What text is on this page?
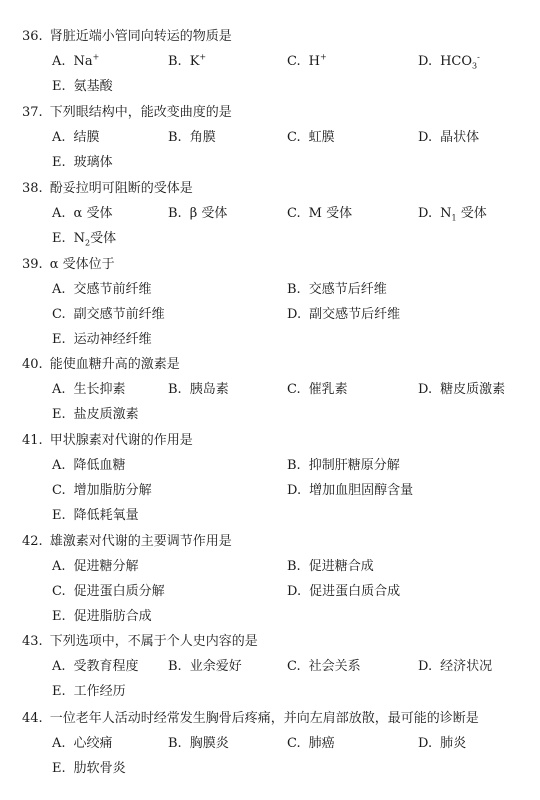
36. 肾脏近端小管同向转运的物质是
A. Na+	B. K+	C. H+	D. $HCO_3^-$
E. 氨基酸
37. 下列眼结构中，能改变曲度的是
A. 结膜	B. 角膜	C. 虹膜	D. 晶状体
E. 玻璃体
38. 酚妥拉明可阻断的受体是
A. α 受体	B. β 受体	C. M 受体	D. $N_1$ 受体
E. $N_2$受体
39. α 受体位于
A. 交感节前纤维	B. 交感节后纤维
C. 副交感节前纤维	D. 副交感节后纤维
E. 运动神经纤维
40. 能使血糖升高的激素是
A. 生长抑素	B. 胰岛素	C. 催乳素	D. 糖皮质激素
E. 盐皮质激素
41. 甲状腺素对代谢的作用是
A. 降低血糖	B. 抑制肝糖原分解
C. 增加脂肪分解	D. 增加血胆固醇含量
E. 降低耗氧量
42. 雄激素对代谢的主要调节作用是
A. 促进糖分解	B. 促进糖合成
C. 促进蛋白质分解	D. 促进蛋白质合成
E. 促进脂肪合成
43. 下列选项中，不属于个人史内容的是
A. 受教育程度 B. 业余爱好	C. 社会关系	D. 经济状况
E. 工作经历
44. 一位老年人活动时经常发生胸骨后疼痛，并向左肩部放散，最可能的诊断是
A. 心绞痛	B. 胸膜炎	C. 肺癌	D. 肺炎
E. 肋软骨炎
